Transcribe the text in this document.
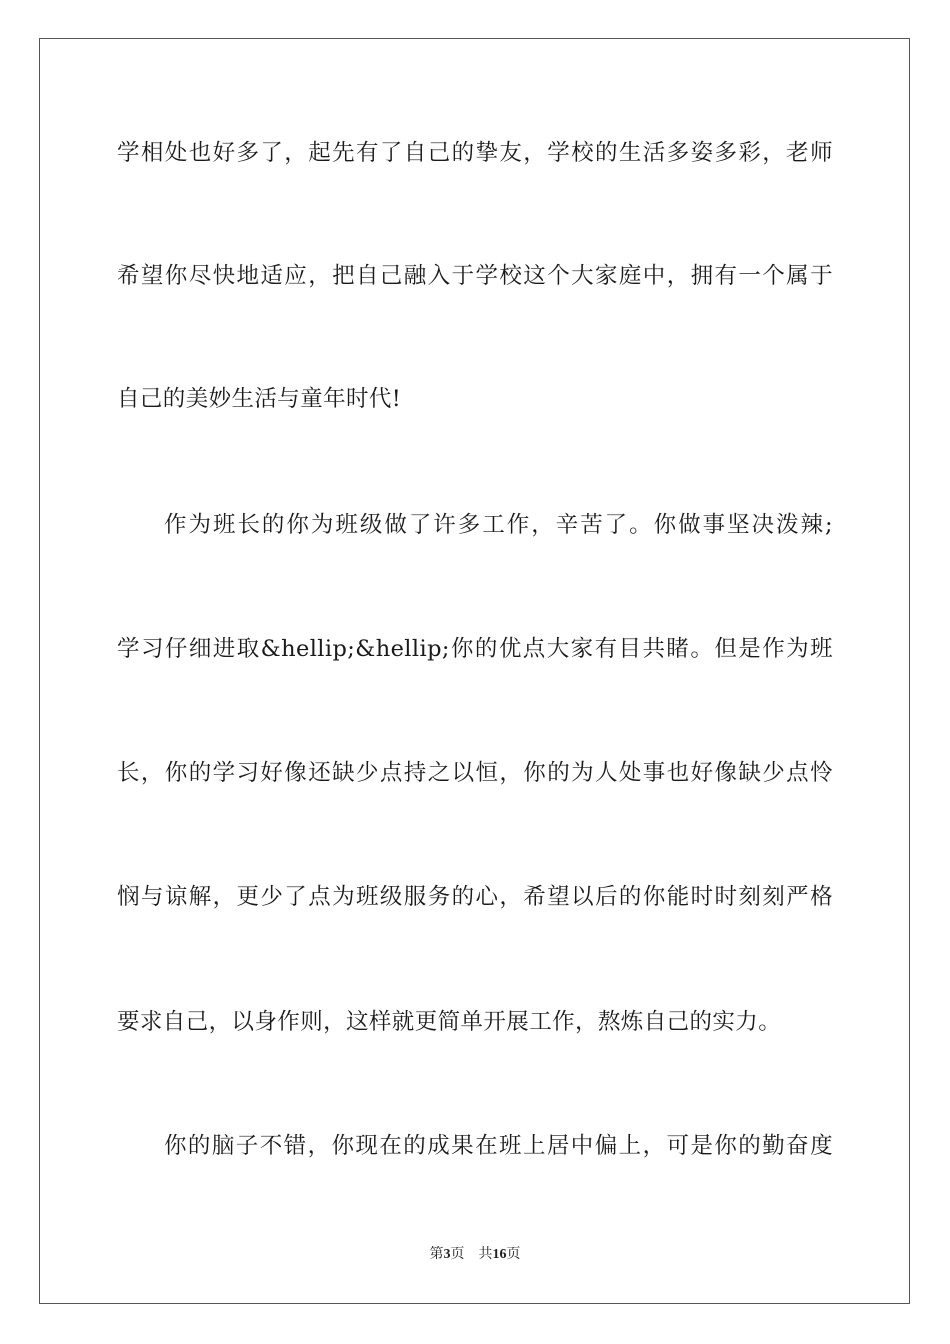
学相处也好多了，起先有了自己的挚友，学校的生活多姿多彩，老师
希望你尽快地适应，把自己融入于学校这个大家庭中，拥有一个属于
自己的美妙生活与童年时代!
作为班长的你为班级做了许多工作，辛苦了。你做事坚决泼辣;
学习仔细进取&hellip;&hellip;你的优点大家有目共睹。但是作为班
长，你的学习好像还缺少点持之以恒，你的为人处事也好像缺少点怜
悯与谅解，更少了点为班级服务的心，希望以后的你能时时刻刻严格
要求自己，以身作则，这样就更简单开展工作，熬炼自己的实力。
你的脑子不错，你现在的成果在班上居中偏上，可是你的勤奋度
第3页 共16页
